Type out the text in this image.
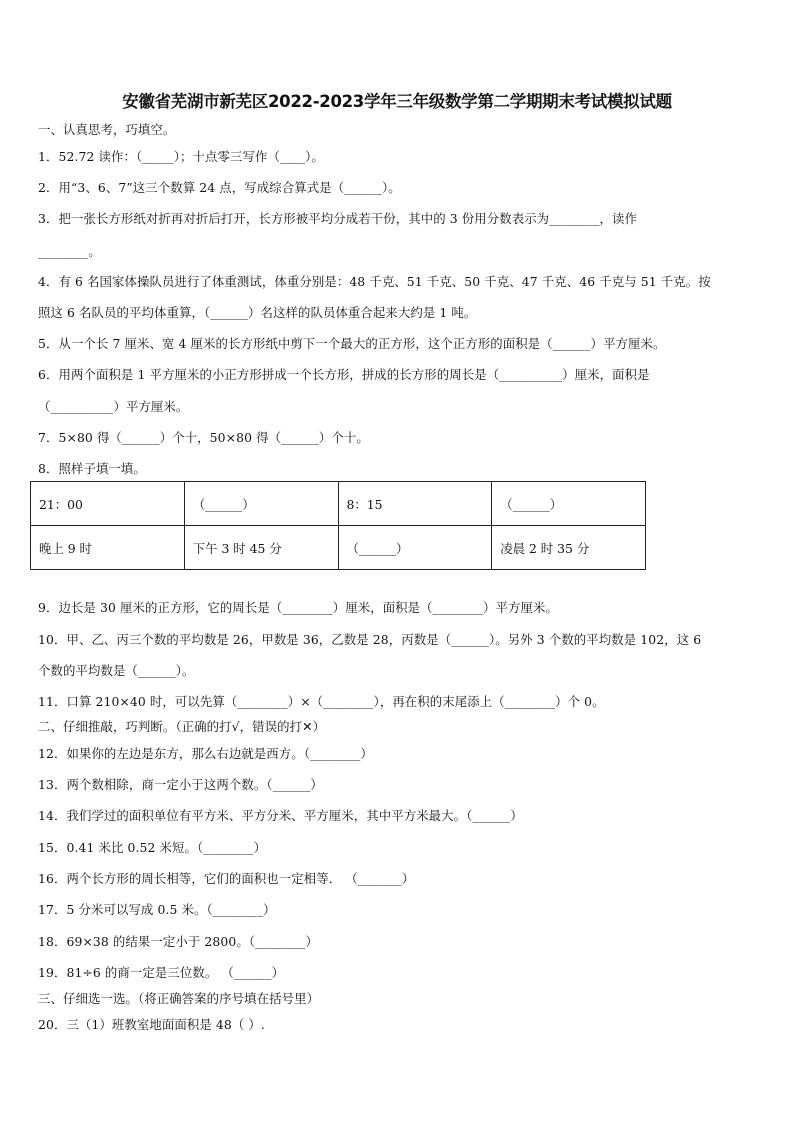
安徽省芜湖市新芜区2022-2023学年三年级数学第二学期期末考试模拟试题
一、认真思考，巧填空。
1．52.72 读作：（_____）；十点零三写作（____）。
2．用“3、6、7”这三个数算 24 点，写成综合算式是（______）。
3．把一张长方形纸对折再对折后打开，长方形被平均分成若干份，其中的 3 份用分数表示为________，读作
________。
4．有 6 名国家体操队员进行了体重测试，体重分别是：48 千克、51 千克、50 千克、47 千克、46 千克与 51 千克。按
照这 6 名队员的平均体重算，（______）名这样的队员体重合起来大约是 1 吨。
5．从一个长 7 厘米、宽 4 厘米的长方形纸中剪下一个最大的正方形，这个正方形的面积是（______）平方厘米。
6．用两个面积是 1 平方厘米的小正方形拼成一个长方形，拼成的长方形的周长是（__________）厘米，面积是
（__________）平方厘米。
7．5×80 得（______）个十，50×80 得（______）个十。
8．照样子填一填。
21：00	（______）	8：15	（______）
晚上 9 时	下午 3 时 45 分	（______）	凌晨 2 时 35 分
9．边长是 30 厘米的正方形，它的周长是（________）厘米，面积是（________）平方厘米。
10．甲、乙、丙三个数的平均数是 26，甲数是 36，乙数是 28，丙数是（______）。另外 3 个数的平均数是 102，这 6
个数的平均数是（______）。
11．口算 210×40 时，可以先算（________）×（________），再在积的末尾添上（________）个 0。
二、仔细推敲，巧判断。（正确的打√，错误的打✕）
12．如果你的左边是东方，那么右边就是西方。（________）
13．两个数相除，商一定小于这两个数。（______）
14．我们学过的面积单位有平方米、平方分米、平方厘米，其中平方米最大。（______）
15．0.41 米比 0.52 米短。（________）
16．两个长方形的周长相等，它们的面积也一定相等． （_______）
17．5 分米可以写成 0.5 米。（________）
18．69×38 的结果一定小于 2800。（________）
19．81÷6 的商一定是三位数。 （______）
三、仔细选一选。（将正确答案的序号填在括号里）
20．三（1）班教室地面面积是 48（ ）.
